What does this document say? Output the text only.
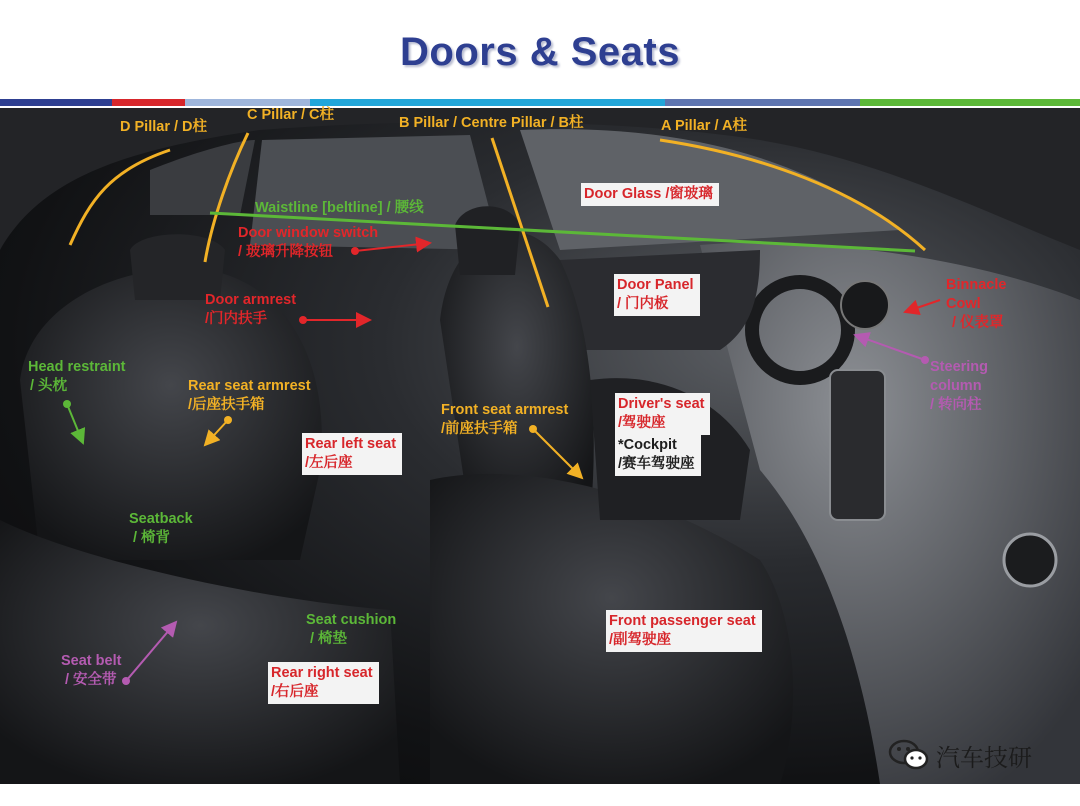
Doors & Seats
D Pillar / D柱
C Pillar / C柱	B Pillar / Centre Pillar / B柱	A Pillar / A柱
Door Glass /窗玻璃
Waistline [beltline] / 腰线
Door window switch
/ 玻璃升降按钮
Door armrest
/门内扶手
Door Panel
/ 门内板
Binnacle
Cowl
/ 仪表罩
Head restraint
/ 头枕	Rear seat armrest
/后座扶手箱
Rear left seat
/左后座
Front seat armrest
/前座扶手箱
Driver's seat
/驾驶座
*Cockpit
/赛车驾驶座
Steering
column
/ 转向柱
Seatback
/ 椅背
Seat cushion
/ 椅垫
Front passenger seat
/副驾驶座
Seat belt
/ 安全带	Rear right seat
/右后座
汽车技研
